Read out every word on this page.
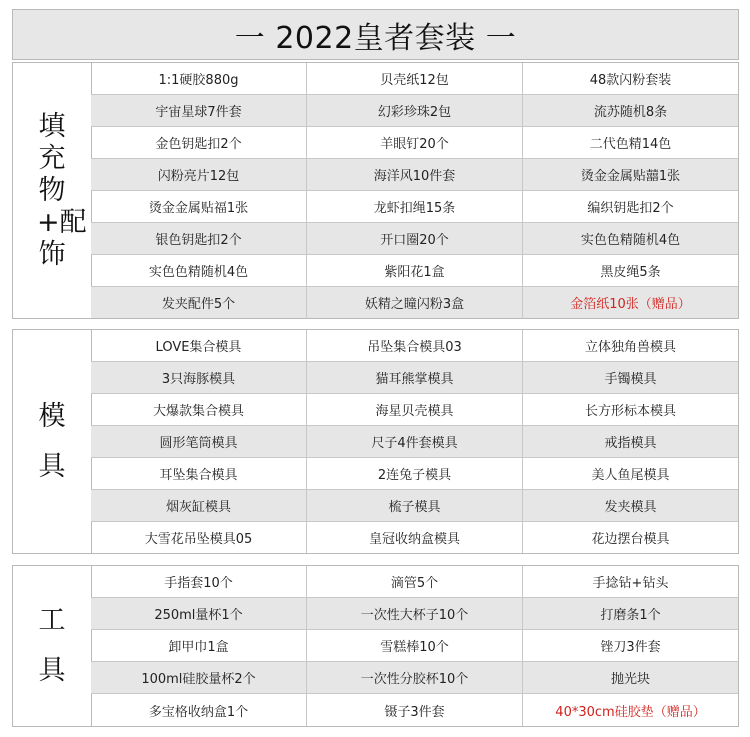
一 2022皇者套装 一
填充物+配饰
1:1硬胶880g	贝壳纸12包	48款闪粉套装
宇宙星球7件套	幻彩珍珠2包	流苏随机8条
金色钥匙扣2个	羊眼钉20个	二代色精14色
闪粉亮片12包	海洋风10件套	烫金金属贴囍1张
烫金金属贴福1张	龙虾扣绳15条	编织钥匙扣2个
银色钥匙扣2个	开口圈20个	实色色精随机4色
实色色精随机4色	紫阳花1盒	黑皮绳5条
发夹配件5个	妖精之瞳闪粉3盒	金箔纸10张（赠品）
模具
LOVE集合模具	吊坠集合模具03	立体独角兽模具
3只海豚模具	猫耳熊掌模具	手镯模具
大爆款集合模具	海星贝壳模具	长方形标本模具
圆形笔筒模具	尺子4件套模具	戒指模具
耳坠集合模具	2连兔子模具	美人鱼尾模具
烟灰缸模具	梳子模具	发夹模具
大雪花吊坠模具05	皇冠收纳盒模具	花边摆台模具
工具
手指套10个	滴管5个	手捻钻+钻头
250ml量杯1个	一次性大杯子10个	打磨条1个
卸甲巾1盒	雪糕棒10个	锉刀3件套
100ml硅胶量杯2个	一次性分胶杯10个	抛光块
多宝格收纳盒1个	镊子3件套	40*30cm硅胶垫（赠品）
